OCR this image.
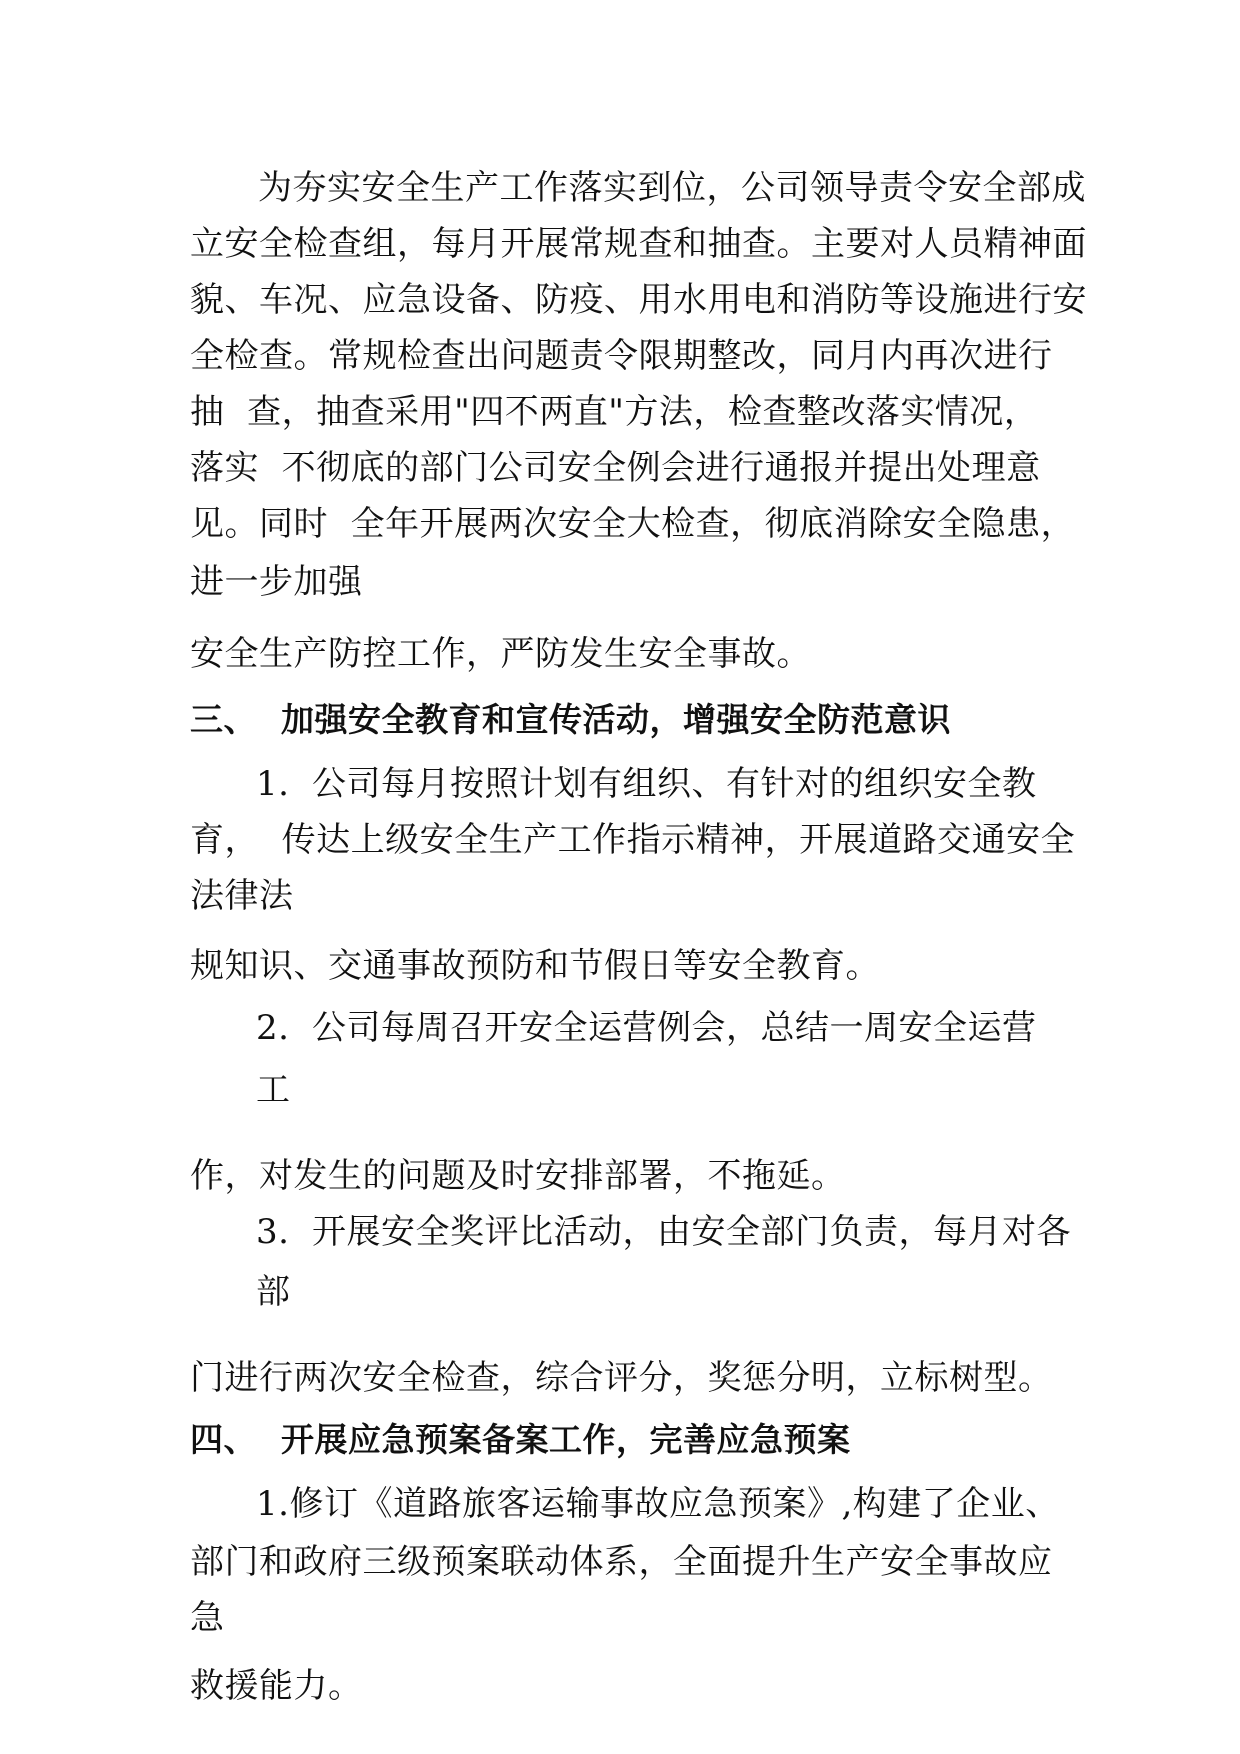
为夯实安全生产工作落实到位，公司领导责令安全部成
立安全检查组，每月开展常规查和抽查。主要对人员精神面
貌、车况、应急设备、防疫、用水用电和消防等设施进行安
全检查。常规检查出问题责令限期整改，同月内再次进行
抽  查，抽查采用"四不两直"方法，检查整改落实情况，
落实  不彻底的部门公司安全例会进行通报并提出处理意
见。同时  全年开展两次安全大检查，彻底消除安全隐患，
进一步加强
安全生产防控工作，严防发生安全事故。
三、  加强安全教育和宣传活动，增强安全防范意识
1.  公司每月按照计划有组织、有针对的组织安全教
育，  传达上级安全生产工作指示精神，开展道路交通安全
法律法
规知识、交通事故预防和节假日等安全教育。
2.  公司每周召开安全运营例会，总结一周安全运营
工
作，对发生的问题及时安排部署，不拖延。
3.  开展安全奖评比活动，由安全部门负责，每月对各
部
门进行两次安全检查，综合评分，奖惩分明，立标树型。
四、  开展应急预案备案工作，完善应急预案
1.修订《道路旅客运输事故应急预案》,构建了企业、
部门和政府三级预案联动体系，全面提升生产安全事故应
急
救援能力。
